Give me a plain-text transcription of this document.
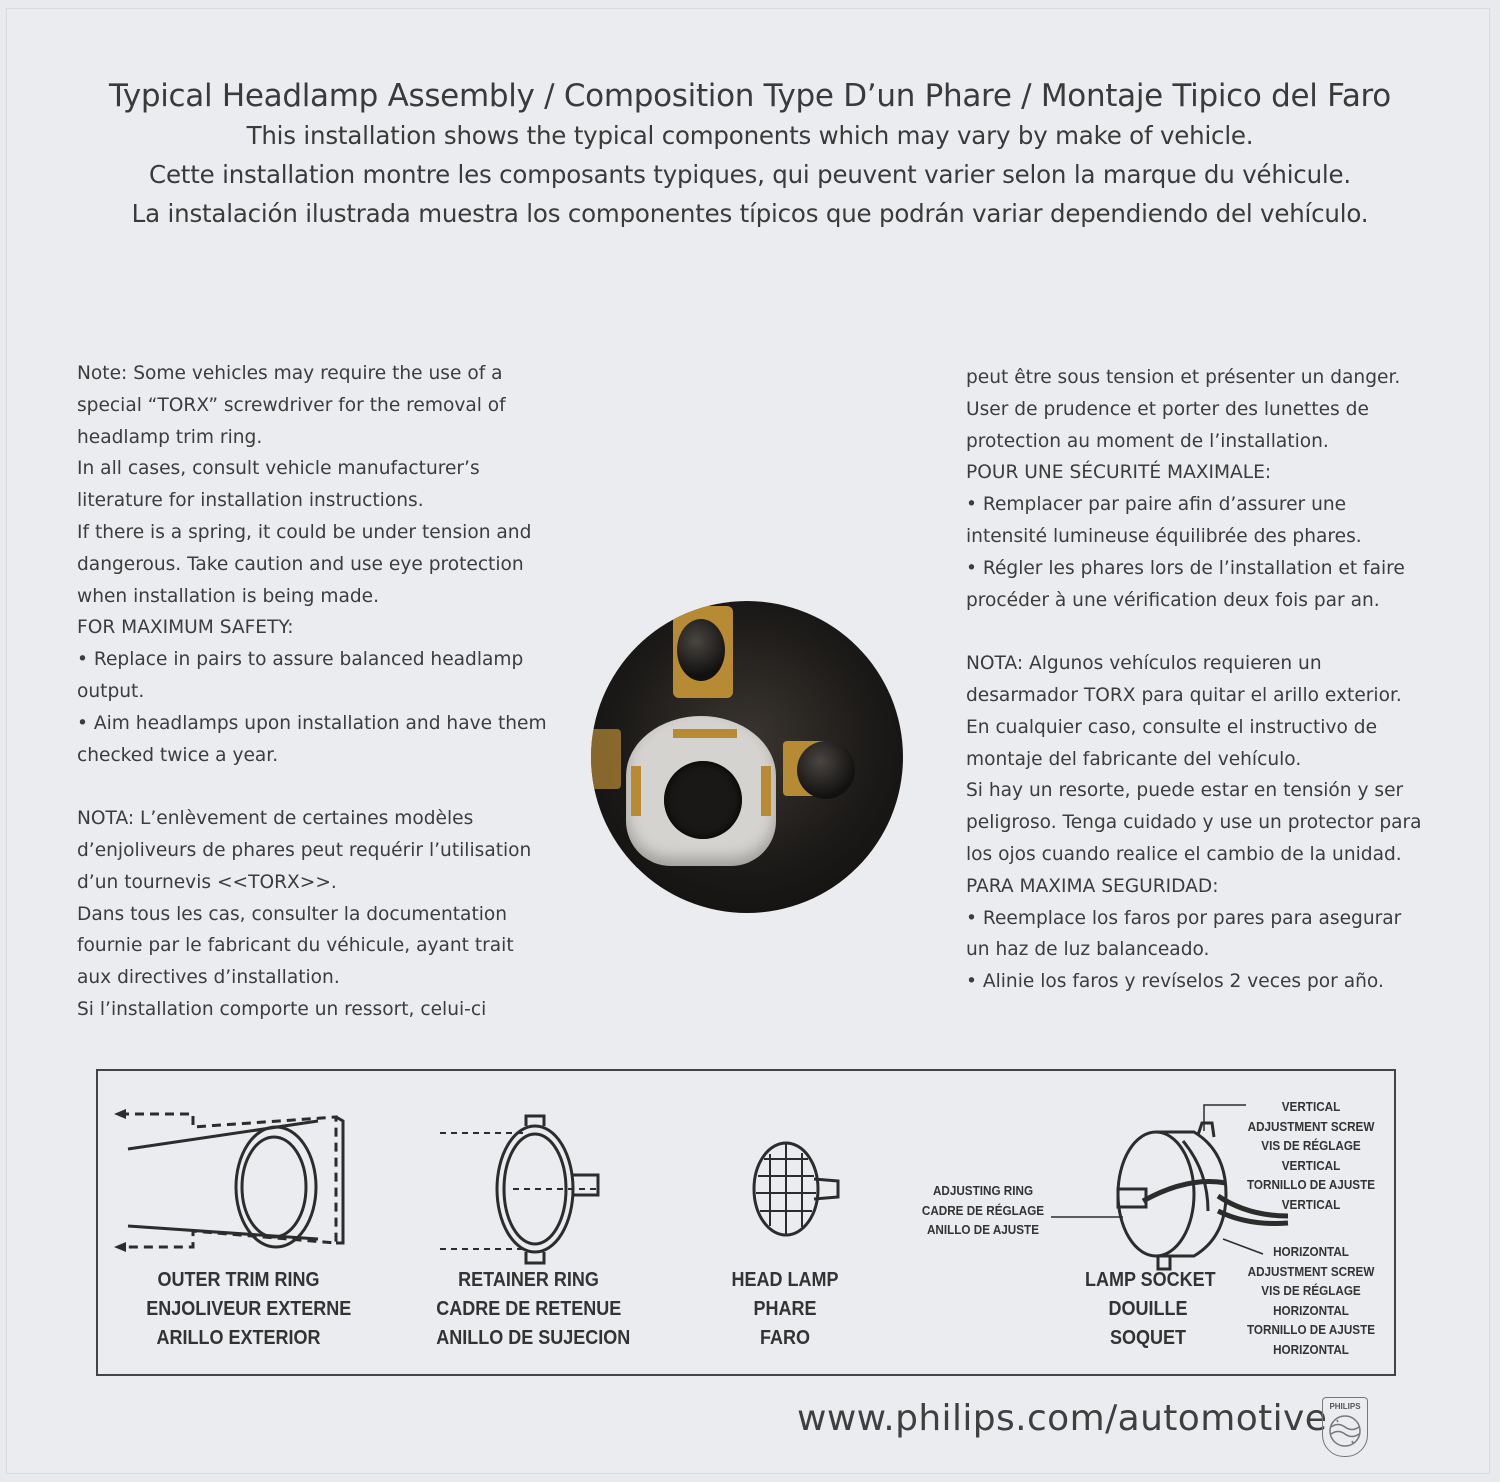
Typical Headlamp Assembly / Composition Type D’un Phare / Montaje Tipico del Faro
This installation shows the typical components which may vary by make of vehicle.
Cette installation montre les composants typiques, qui peuvent varier selon la marque du véhicule.
La instalación ilustrada muestra los componentes típicos que podrán variar dependiendo del vehículo.

Note: Some vehicles may require the use of a

special “TORX” screwdriver for the removal of

headlamp trim ring.

In all cases, consult vehicle manufacturer’s

literature for installation instructions.

If there is a spring, it could be under tension and

dangerous. Take caution and use eye protection

when installation is being made.

FOR MAXIMUM SAFETY:

• Replace in pairs to assure balanced headlamp

output.

• Aim headlamps upon installation and have them

checked twice a year.

NOTA: L’enlèvement de certaines modèles

d’enjoliveurs de phares peut requérir l’utilisation

d’un tournevis <<TORX>>.

Dans tous les cas, consulter la documentation

fournie par le fabricant du véhicule, ayant trait

aux directives d’installation.

Si l’installation comporte un ressort, celui-ci

peut être sous tension et présenter un danger.

User de prudence et porter des lunettes de

protection au moment de l’installation.

POUR UNE SÉCURITÉ MAXIMALE:

• Remplacer par paire afin d’assurer une

intensité lumineuse équilibrée des phares.

• Régler les phares lors de l’installation et faire

procéder à une vérification deux fois par an.

NOTA: Algunos vehículos requieren un

desarmador TORX para quitar el arillo exterior.

En cualquier caso, consulte el instructivo de

montaje del fabricante del vehículo.

Si hay un resorte, puede estar en tensión y ser

peligroso. Tenga cuidado y use un protector para

los ojos cuando realice el cambio de la unidad.

PARA MAXIMA SEGURIDAD:

• Reemplace los faros por pares para asegurar

un haz de luz balanceado.

• Alinie los faros y revíselos 2 veces por año.

OUTER TRIM RING
ENJOLIVEUR EXTERNE
ARILLO EXTERIOR
RETAINER RING
CADRE DE RETENUE
ANILLO DE SUJECION
HEAD LAMP
PHARE
FARO
LAMP SOCKET
DOUILLE
SOQUET
ADJUSTING RING
CADRE DE RÉGLAGE
ANILLO DE AJUSTE
VERTICAL
ADJUSTMENT SCREW
VIS DE RÉGLAGE
VERTICAL
TORNILLO DE AJUSTE
VERTICAL
HORIZONTAL
ADJUSTMENT SCREW
VIS DE RÉGLAGE
HORIZONTAL
TORNILLO DE AJUSTE
HORIZONTAL
www.philips.com/automotive PHILIPS
